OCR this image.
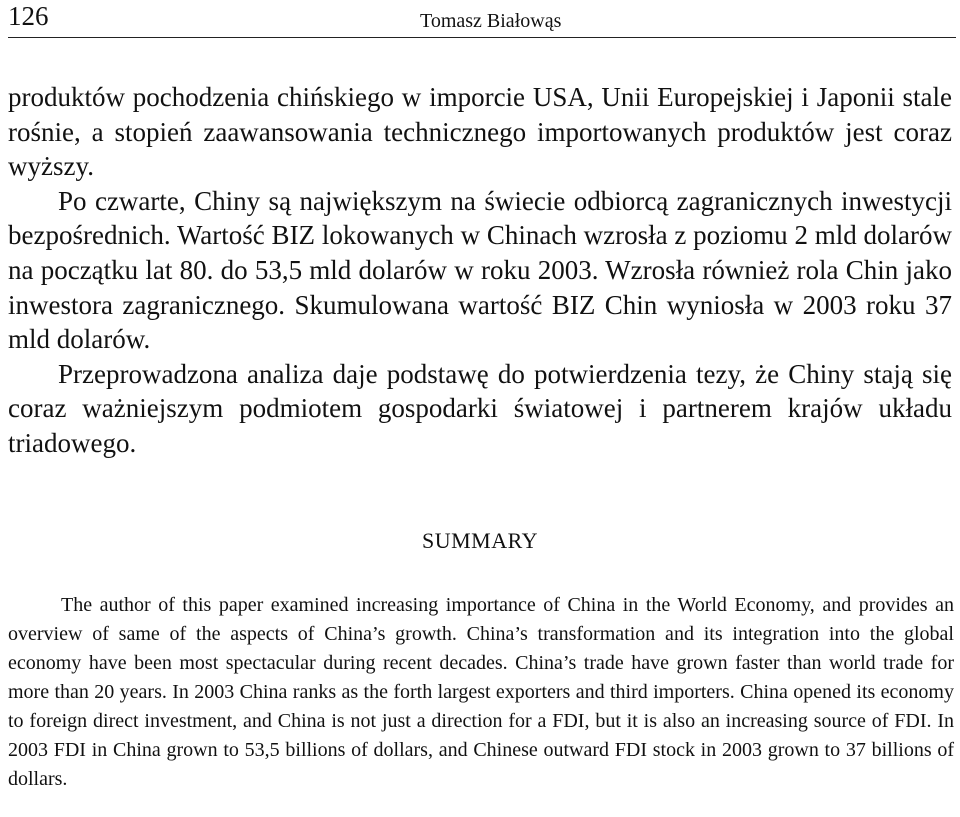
126	Tomasz Białowąs

produktów pochodzenia chińskiego w imporcie USA, Unii Europejskiej i Japonii stale rośnie, a stopień zaawansowania technicznego importowanych produktów jest coraz wyższy.

Po czwarte, Chiny są największym na świecie odbiorcą zagranicznych inwestycji bezpośrednich. Wartość BIZ lokowanych w Chinach wzrosła z poziomu 2 mld dolarów na początku lat 80. do 53,5 mld dolarów w roku 2003. Wzrosła również rola Chin jako inwestora zagranicznego. Skumulowana wartość BIZ Chin wyniosła w 2003 roku 37 mld dolarów.

Przeprowadzona analiza daje podstawę do potwierdzenia tezy, że Chiny stają się coraz ważniejszym podmiotem gospodarki światowej i partnerem krajów układu triadowego.

SUMMARY

The author of this paper examined increasing importance of China in the World Economy, and provides an overview of same of the aspects of China’s growth. China’s transformation and its integration into the global economy have been most spectacular during recent decades. China’s trade have grown faster than world trade for more than 20 years. In 2003 China ranks as the forth largest exporters and third importers. China opened its economy to foreign direct investment, and China is not just a direction for a FDI, but it is also an increasing source of FDI. In 2003 FDI in China grown to 53,5 billions of dollars, and Chinese outward FDI stock in 2003 grown to 37 billions of dollars.
